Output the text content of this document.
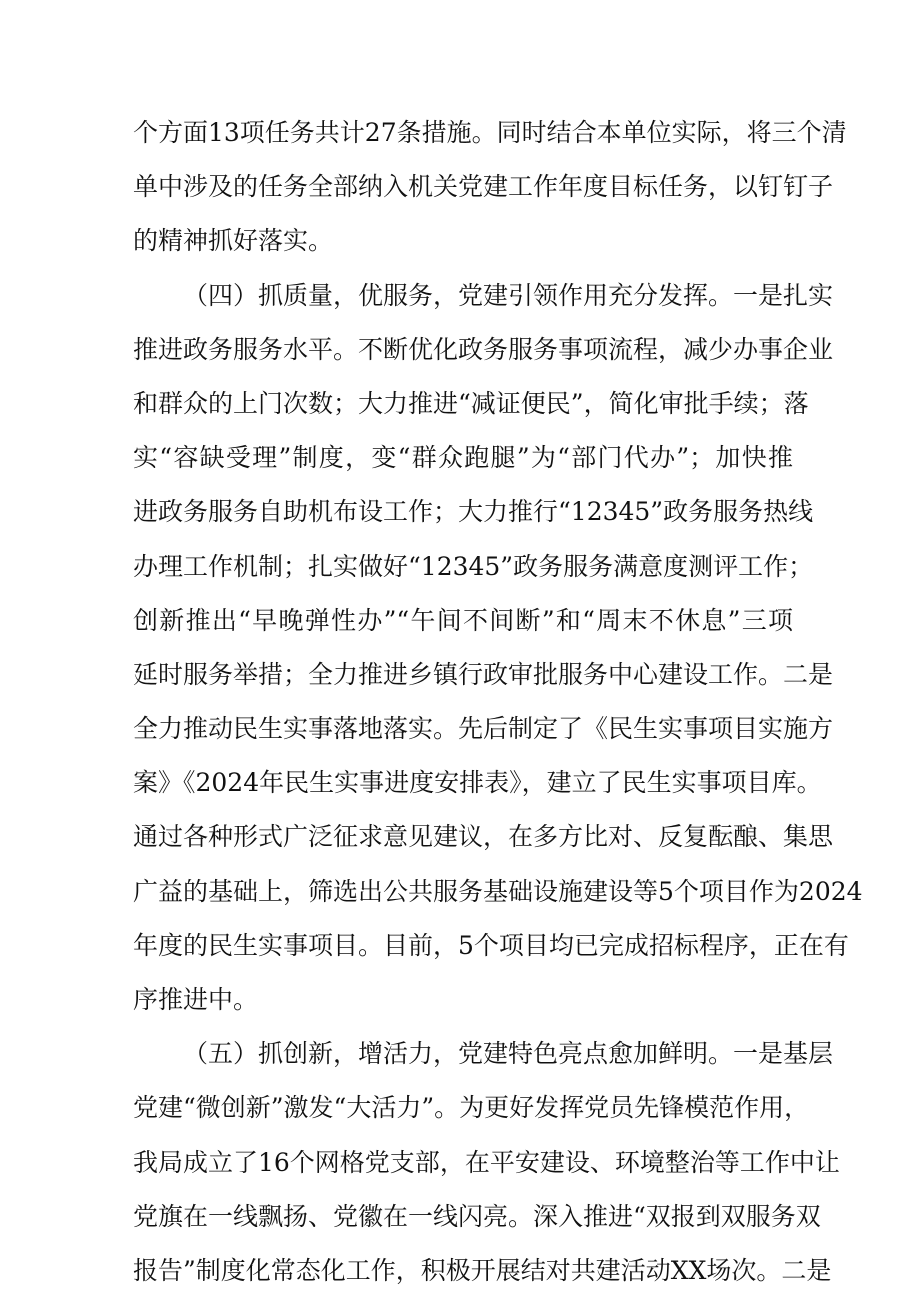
个方面13项任务共计27条措施。同时结合本单位实际，将三个清
单中涉及的任务全部纳入机关党建工作年度目标任务，以钉钉子
的精神抓好落实。
（四）抓质量，优服务，党建引领作用充分发挥。一是扎实
推进政务服务水平。不断优化政务服务事项流程，减少办事企业
和群众的上门次数；大力推进“减证便民”，简化审批手续；落
实“容缺受理”制度，变“群众跑腿”为“部门代办”；加快推
进政务服务自助机布设工作；大力推行“12345”政务服务热线
办理工作机制；扎实做好“12345”政务服务满意度测评工作；
创新推出“早晚弹性办”“午间不间断”和“周末不休息”三项
延时服务举措；全力推进乡镇行政审批服务中心建设工作。二是
全力推动民生实事落地落实。先后制定了《民生实事项目实施方
案》《2024年民生实事进度安排表》，建立了民生实事项目库。
通过各种形式广泛征求意见建议，在多方比对、反复酝酿、集思
广益的基础上，筛选出公共服务基础设施建设等5个项目作为2024
年度的民生实事项目。目前，5个项目均已完成招标程序，正在有
序推进中。
（五）抓创新，增活力，党建特色亮点愈加鲜明。一是基层
党建“微创新”激发“大活力”。为更好发挥党员先锋模范作用，
我局成立了16个网格党支部，在平安建设、环境整治等工作中让
党旗在一线飘扬、党徽在一线闪亮。深入推进“双报到双服务双
报告”制度化常态化工作，积极开展结对共建活动XX场次。二是
